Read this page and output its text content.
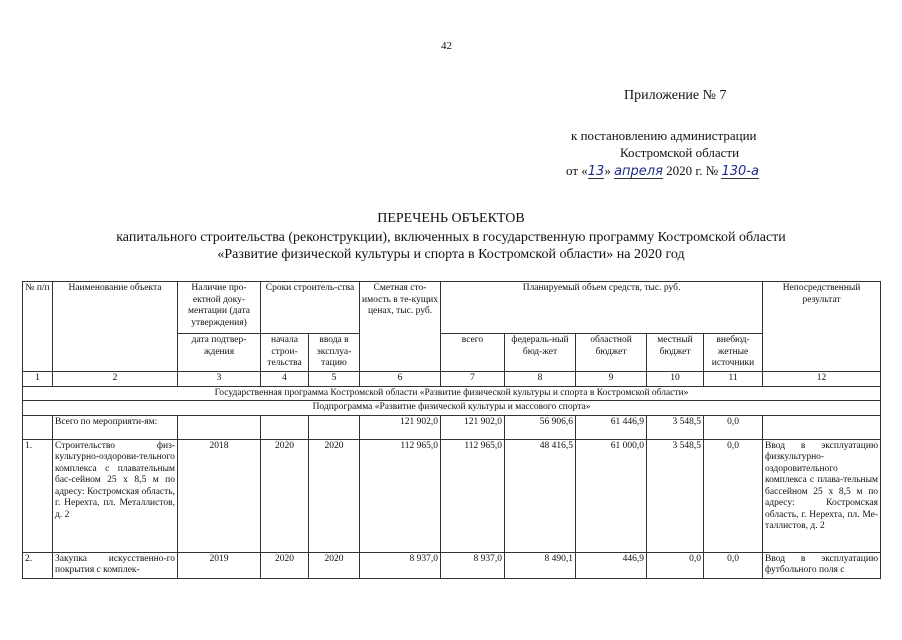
42
Приложение № 7
к постановлению администрации
Костромской области
от «13» апреля 2020 г. № 130-а
ПЕРЕЧЕНЬ ОБЪЕКТОВ
капитального строительства (реконструкции), включенных в государственную программу Костромской области
«Развитие физической культуры и спорта в Костромской области» на 2020 год
№ п/п	Наименование объекта	Наличие про-ектной доку-ментации (дата утверждения)	Сроки строитель-ства		Сметная сто-имость в те-кущих ценах, тыс. руб.	Планируемый объем средств, тыс. руб.					Непосредственный результат
		дата подтвер-ждения	начала строи-тельства	ввода в эксплуа-тацию		всего	федераль-ный бюд-жет	областной бюджет	местный бюджет	внебюд-жетные источники	
1	2	3	4	5	6	7	8	9	10	11	12
Государственная программа Костромской области «Развитие физической культуры и спорта в Костромской области»											
Подпрограмма «Развитие физической культуры и массового спорта»											
	Всего по мероприяти-ям:				121 902,0	121 902,0	56 906,6	61 446,9	3 548,5	0,0	
1.	Строительство физ-культурно-оздорови-тельного комплекса с плавательным бас-сейном 25 х 8,5 м по адресу: Костромская область, г. Нерехта, пл. Металлистов, д. 2	2018	2020	2020	112 965,0	112 965,0	48 416,5	61 000,0	3 548,5	0,0	Ввод в эксплуатацию физкультурно-оздоровительного комплекса с плава-тельным бассейном 25 х 8,5 м по адресу: Костромская область, г. Нерехта, пл. Ме-таллистов, д. 2
2.	Закупка искусственно-го покрытия с комплек-	2019	2020	2020	8 937,0	8 937,0	8 490,1	446,9	0,0	0,0	Ввод в эксплуатацию футбольного поля с
